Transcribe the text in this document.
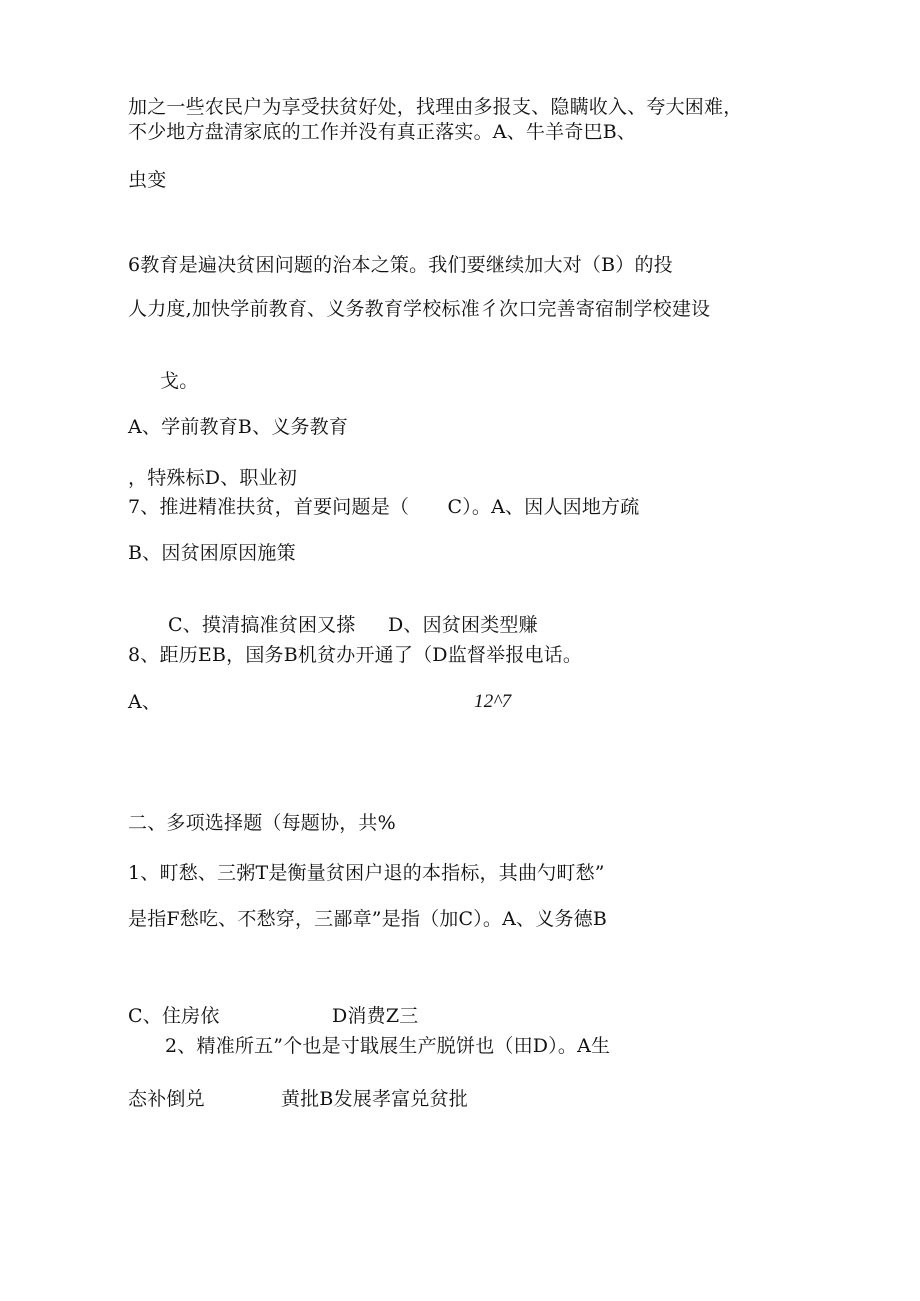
加之一些农民户为享受扶贫好处，找理由多报支、隐瞒收入、夸大困难，
不少地方盘清家底的工作并没有真正落实。A、牛羊奇巴B、
虫变
6教育是遍决贫困问题的治本之策。我们要继续加大对（B）的投
人力度,加快学前教育、义务教育学校标准彳次口完善寄宿制学校建设
戈。
A、学前教育B、义务教育
，特殊标D、职业初
7、推进精准扶贫，首要问题是（　　C）。A、因人因地方疏
B、因贫困原因施策
C、摸清搞准贫困又搽 D、因贫困类型赚
8、距历EB，国务B机贫办开通了（D监督举报电话。
A、	12^7
二、多项选择题（每题协，共%
1、町愁、三粥T是衡量贫困户退的本指标，其曲勺町愁”
是指F愁吃、不愁穿，三鄙章”是指（加C）。A、义务德B
C、住房依	D消费Z三
2、精准所五”个也是寸戢展生产脱饼也（田D）。A生
态补倒兑	黄批B发展孝富兑贫批
